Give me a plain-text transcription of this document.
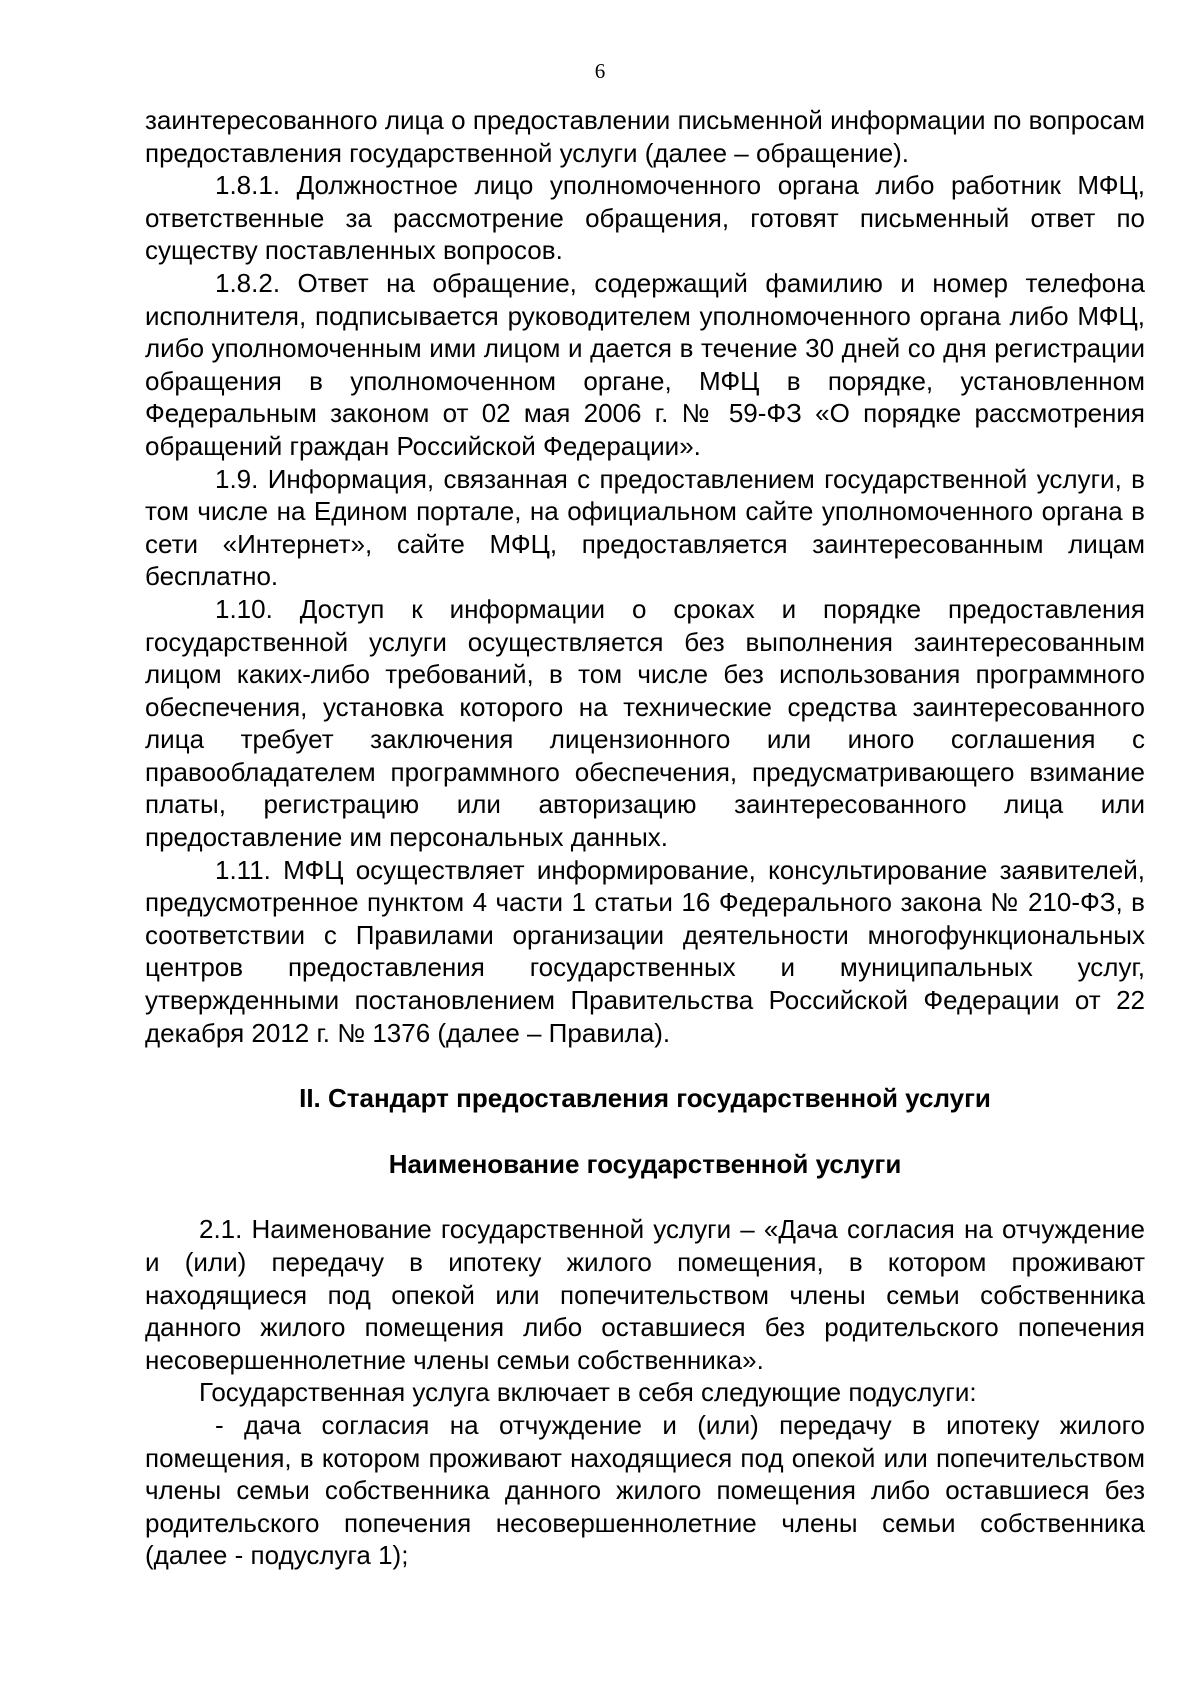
6

заинтересованного лица о предоставлении письменной информации по вопросам предоставления государственной услуги (далее – обращение).

1.8.1. Должностное лицо уполномоченного органа либо работник МФЦ, ответственные за рассмотрение обращения, готовят письменный ответ по существу поставленных вопросов.

1.8.2. Ответ на обращение, содержащий фамилию и номер телефона исполнителя, подписывается руководителем уполномоченного органа либо МФЦ, либо уполномоченным ими лицом и дается в течение 30 дней со дня регистрации обращения в уполномоченном органе, МФЦ в порядке, установленном Федеральным законом от 02 мая 2006 г. № 59-ФЗ «О порядке рассмотрения обращений граждан Российской Федерации».

1.9. Информация, связанная с предоставлением государственной услуги, в том числе на Едином портале, на официальном сайте уполномоченного органа в сети «Интернет», сайте МФЦ, предоставляется заинтересованным лицам бесплатно.

1.10. Доступ к информации о сроках и порядке предоставления государственной услуги осуществляется без выполнения заинтересованным лицом каких-либо требований, в том числе без использования программного обеспечения, установка которого на технические средства заинтересованного лица требует заключения лицензионного или иного соглашения с правообладателем программного обеспечения, предусматривающего взимание платы, регистрацию или авторизацию заинтересованного лица или предоставление им персональных данных.

1.11. МФЦ осуществляет информирование, консультирование заявителей, предусмотренное пунктом 4 части 1 статьи 16 Федерального закона № 210-ФЗ, в соответствии с Правилами организации деятельности многофункциональных центров предоставления государственных и муниципальных услуг, утвержденными постановлением Правительства Российской Федерации от 22 декабря 2012 г. № 1376 (далее – Правила).

II. Стандарт предоставления государственной услуги

Наименование государственной услуги

2.1. Наименование государственной услуги – «Дача согласия на отчуждение и (или) передачу в ипотеку жилого помещения, в котором проживают находящиеся под опекой или попечительством члены семьи собственника данного жилого помещения либо оставшиеся без родительского попечения несовершеннолетние члены семьи собственника».

Государственная услуга включает в себя следующие подуслуги:

- дача согласия на отчуждение и (или) передачу в ипотеку жилого помещения, в котором проживают находящиеся под опекой или попечительством члены семьи собственника данного жилого помещения либо оставшиеся без родительского попечения несовершеннолетние члены семьи собственника (далее - подуслуга 1);
